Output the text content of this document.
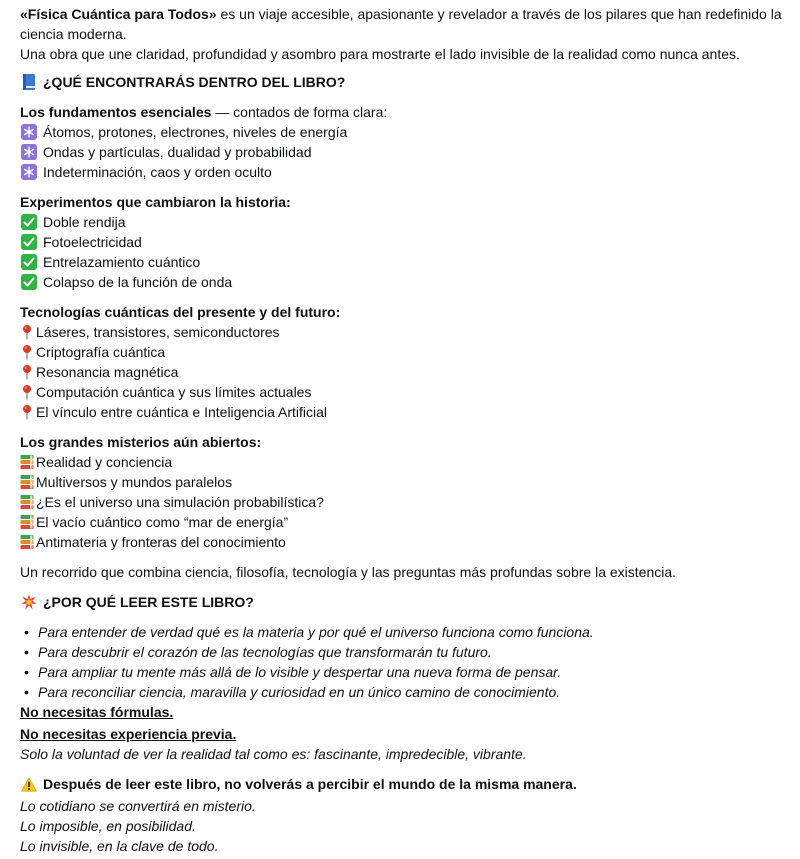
«Física Cuántica para Todos» es un viaje accesible, apasionante y revelador a través de los pilares que han redefinido la ciencia moderna.

Una obra que une claridad, profundidad y asombro para mostrarte el lado invisible de la realidad como nunca antes.

¿QUÉ ENCONTRARÁS DENTRO DEL LIBRO?

Los fundamentos esenciales — contados de forma clara:

Átomos, protones, electrones, niveles de energía
Ondas y partículas, dualidad y probabilidad
Indeterminación, caos y orden oculto

Experimentos que cambiaron la historia:

Doble rendija
Fotoelectricidad
Entrelazamiento cuántico
Colapso de la función de onda

Tecnologías cuánticas del presente y del futuro:

Láseres, transistores, semiconductores
Criptografía cuántica
Resonancia magnética
Computación cuántica y sus límites actuales
El vínculo entre cuántica e Inteligencia Artificial

Los grandes misterios aún abiertos:

Realidad y conciencia
Multiversos y mundos paralelos
¿Es el universo una simulación probabilística?
El vacío cuántico como “mar de energía”
Antimateria y fronteras del conocimiento

Un recorrido que combina ciencia, filosofía, tecnología y las preguntas más profundas sobre la existencia.

¿POR QUÉ LEER ESTE LIBRO?
• Para entender de verdad qué es la materia y por qué el universo funciona como funciona.
• Para descubrir el corazón de las tecnologías que transformarán tu futuro.
• Para ampliar tu mente más allá de lo visible y despertar una nueva forma de pensar.
• Para reconciliar ciencia, maravilla y curiosidad en un único camino de conocimiento.

No necesitas fórmulas.

No necesitas experiencia previa.

Solo la voluntad de ver la realidad tal como es: fascinante, impredecible, vibrante.

Después de leer este libro, no volverás a percibir el mundo de la misma manera.

Lo cotidiano se convertirá en misterio.

Lo imposible, en posibilidad.

Lo invisible, en la clave de todo.
